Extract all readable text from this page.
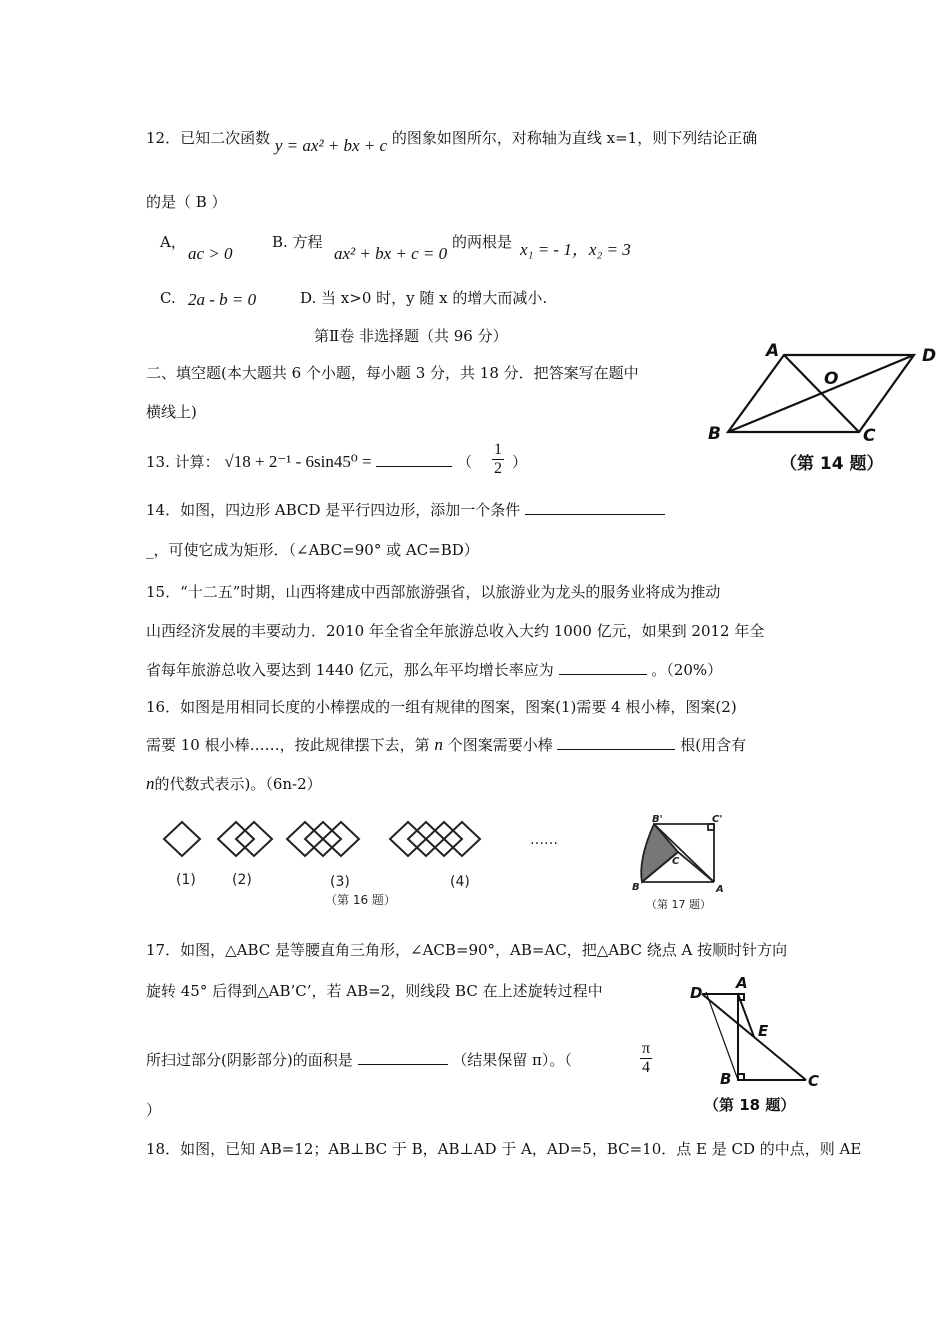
12．已知二次函数 y = ax² + bx + c 的图象如图所尔，对称轴为直线 x=1，则下列结论正确
的是（ B ）
A，
ac > 0
B. 方程
ax² + bx + c = 0
的两根是 x₁ = - 1，x₂ = 3
C. 2a - b = 0	D. 当 x>0 时，y 随 x 的增大而减小.
第Ⅱ卷 非选择题（共 96 分）
二、填空题(本大题共 6 个小题，每小题 3 分，共 18 分．把答案写在题中
横线上)
13. 计算： √18 + 2⁻¹ - 6sin45⁰ =	（ $\frac{1}{2}$ ）
14．如图，四边形 ABCD 是平行四边形，添加一个条件
_，可使它成为矩形．（∠ABC=90° 或 AC=BD）
15．“十二五”时期，山西将建成中西部旅游强省，以旅游业为龙头的服务业将成为推动
山西经济发展的丰要动力．2010 年全省全年旅游总收入大约 1000 亿元，如果到 2012 年全
省每年旅游总收入要达到 1440 亿元，那么年平均增长率应为	。（20%）
16．如图是用相同长度的小棒摆成的一组有规律的图案，图案(1)需要 4 根小棒，图案(2)
需要 10 根小棒……，按此规律摆下去，第 n 个图案需要小棒	根(用含有
n的代数式表示)。（6n-2）
17．如图，△ABC 是等腰直角三角形，∠ACB=90°，AB=AC，把△ABC 绕点 A 按顺时针方向
旋转 45° 后得到△AB’C’，若 AB=2，则线段 BC 在上述旋转过程中
所扫过部分(阴影部分)的面积是	（结果保留 π）。（	$\frac{\pi}{4}$
）
18．如图，已知 AB=12；AB⊥BC 于 B，AB⊥AD 于 A，AD=5，BC=10．点 E 是 CD 的中点，则 AE
A	D
O
B	C
（第 14 题）
(1)	(2)	(3)	(4)
……
（第 16 题）
B'	C'
C
B	A
（第 17 题）
D
A
E
B	C
（第 18 题）
